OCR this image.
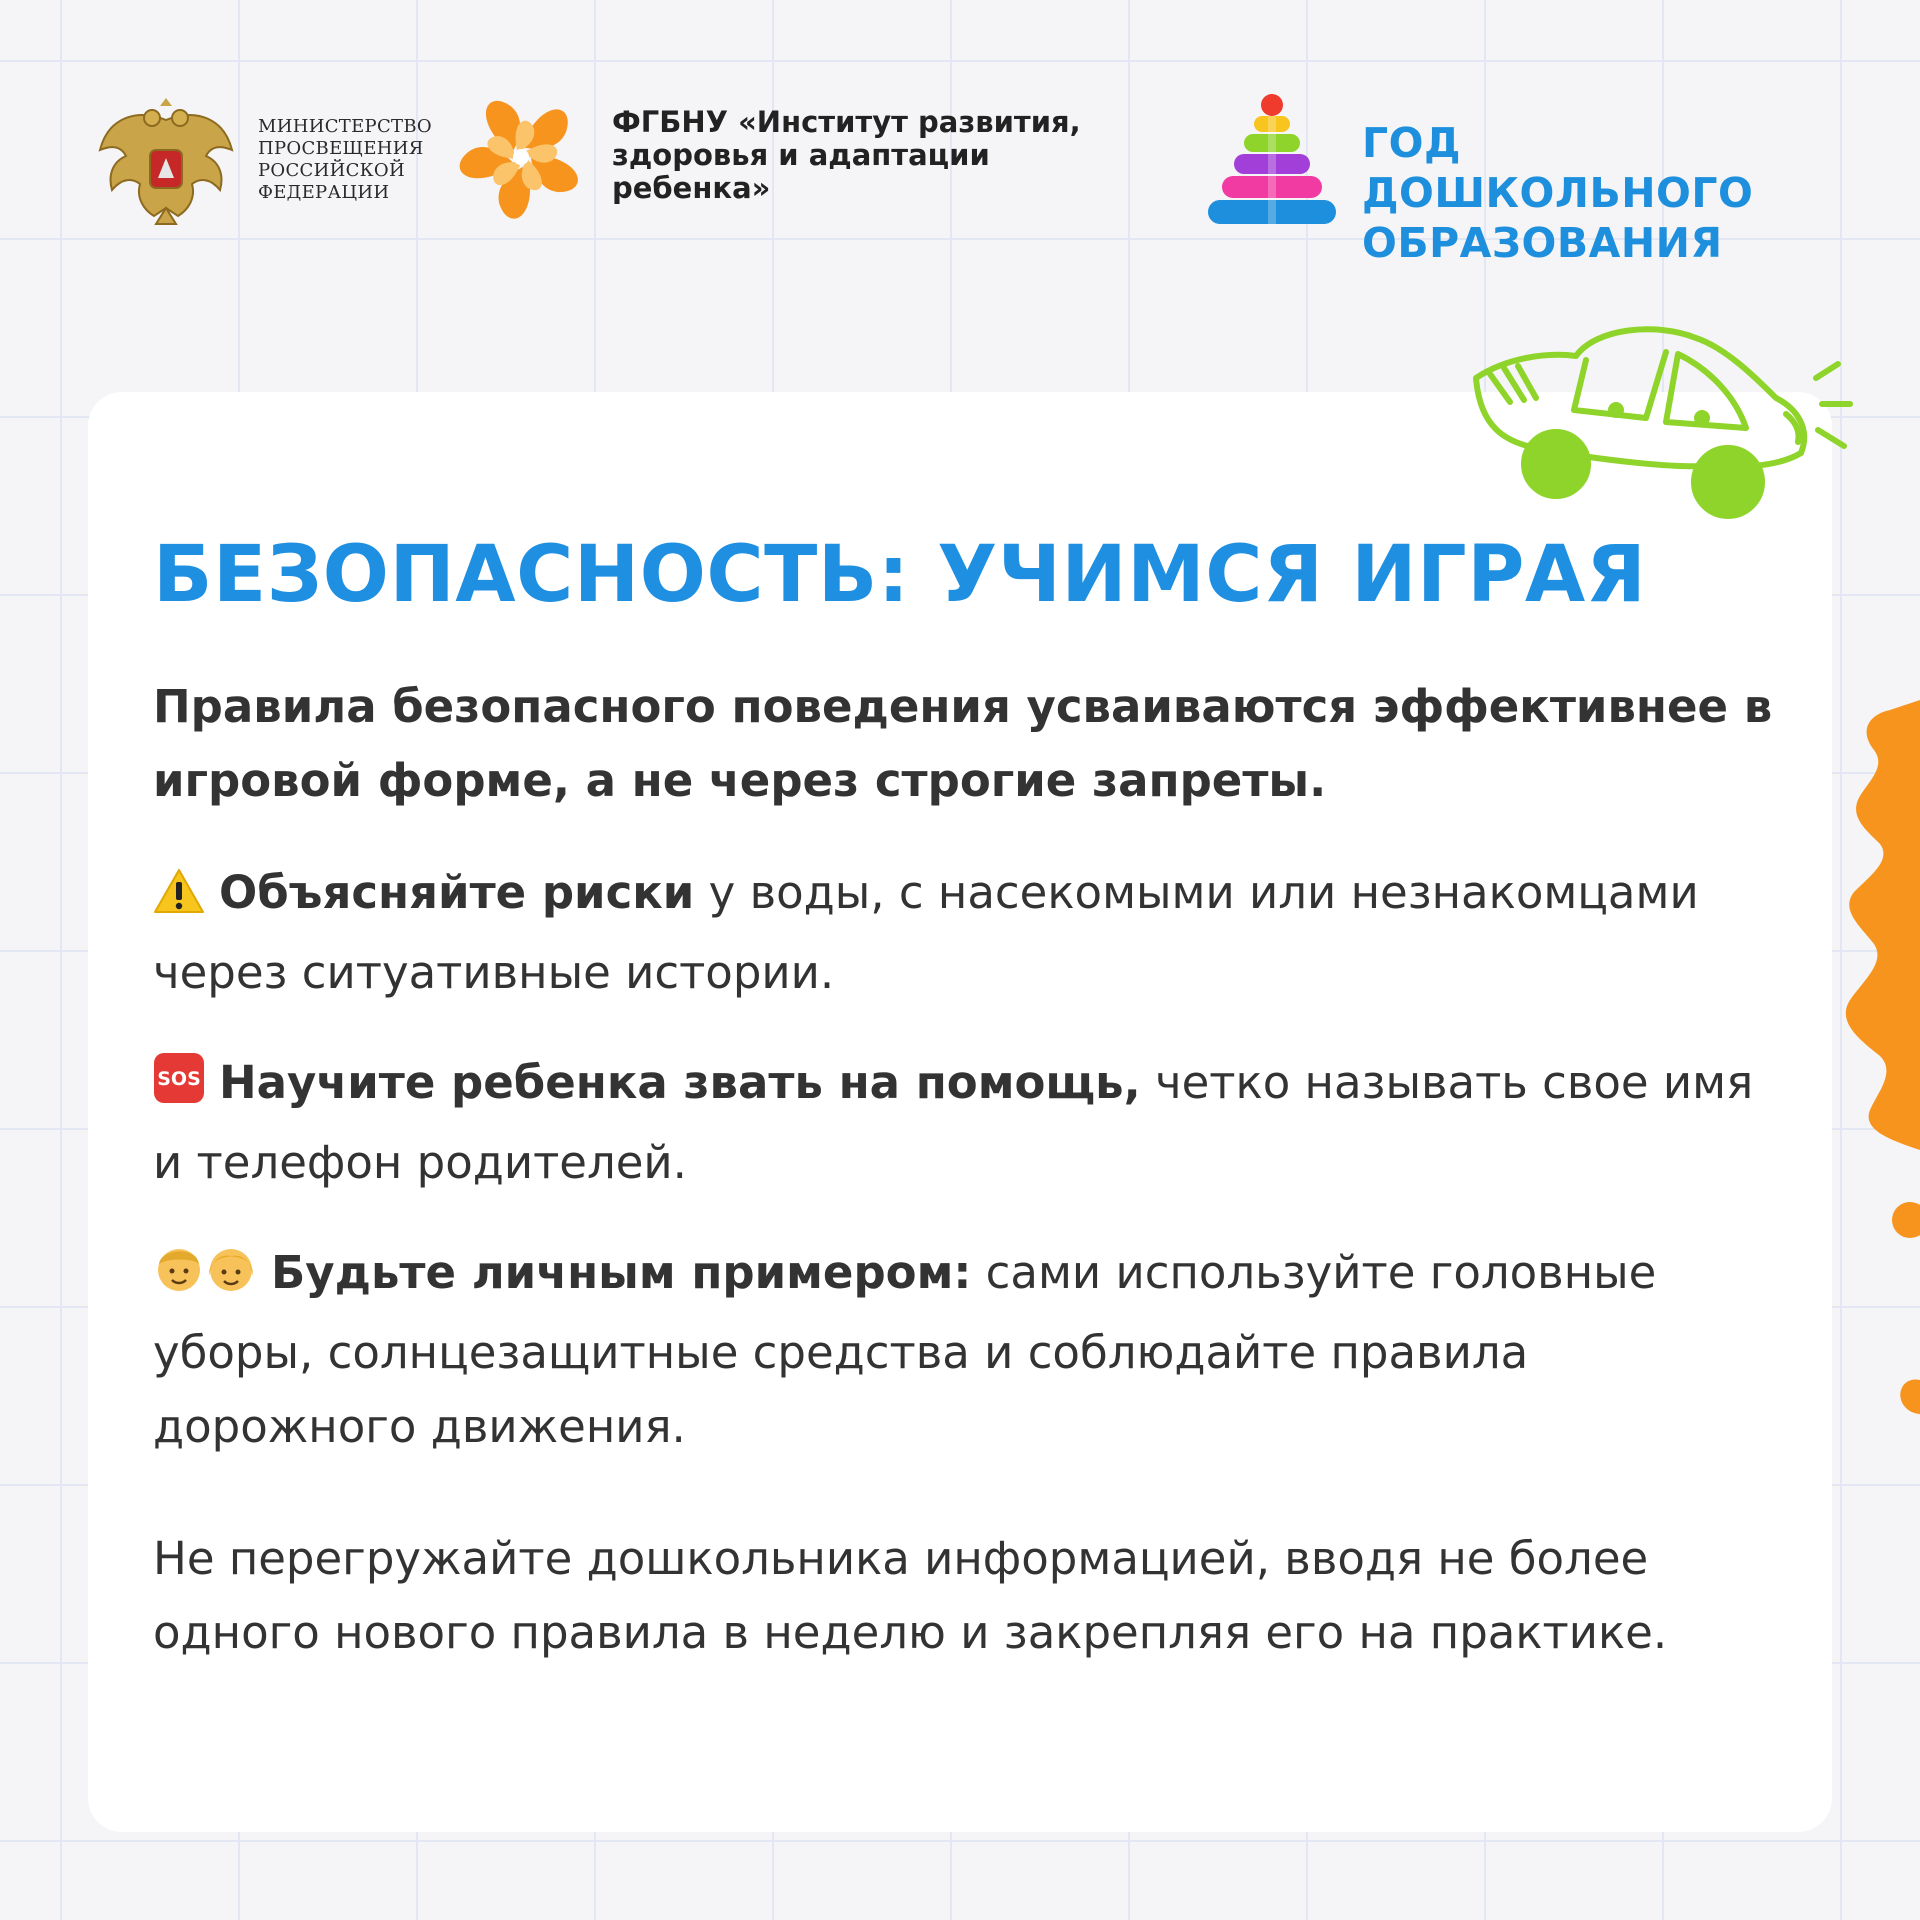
МИНИСТЕРСТВО ПРОСВЕЩЕНИЯ РОССИЙСКОЙ ФЕДЕРАЦИИ

ФГБНУ «Институт развития, здоровья и адаптации ребенка»

ГОД ДОШКОЛЬНОГО ОБРАЗОВАНИЯ

БЕЗОПАСНОСТЬ: УЧИМСЯ ИГРАЯ

Правила безопасного поведения усваиваются эффективнее в игровой форме, а не через строгие запреты.

Объясняйте риски у воды, с насекомыми или незнакомцами через ситуативные истории.

SOS Научите ребенка звать на помощь, четко называть свое имя и телефон родителей.

Будьте личным примером: сами используйте головные уборы, солнцезащитные средства и соблюдайте правила дорожного движения.

Не перегружайте дошкольника информацией, вводя не более одного нового правила в неделю и закрепляя его на практике.
